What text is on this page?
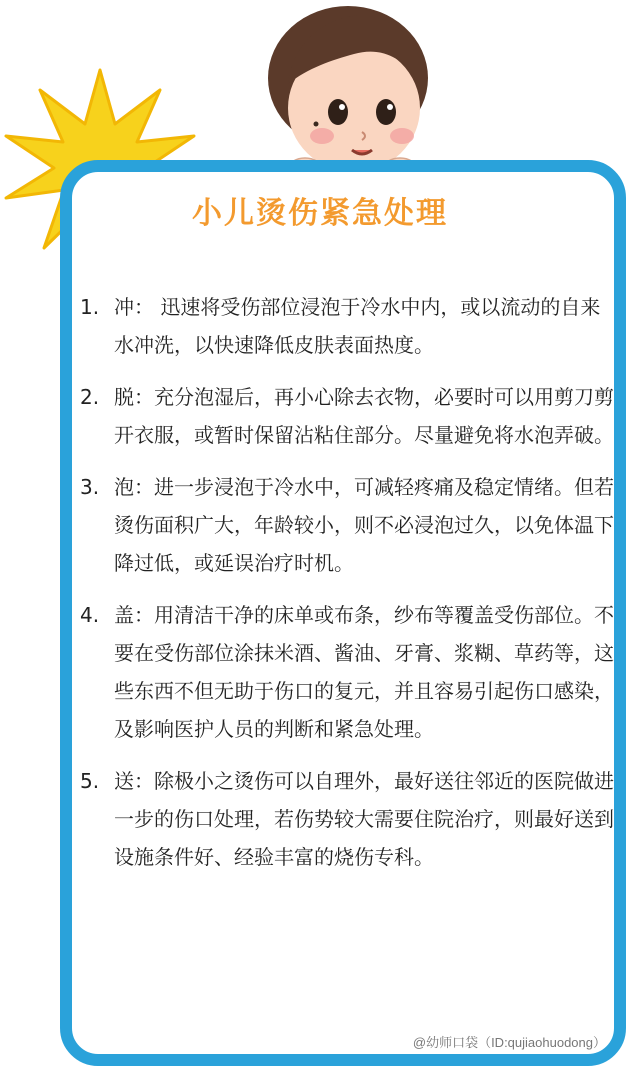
小儿烫伤紧急处理
1. 冲： 迅速将受伤部位浸泡于冷水中内，或以流动的自来水冲洗，以快速降低皮肤表面热度。
2. 脱：充分泡湿后，再小心除去衣物，必要时可以用剪刀剪开衣服，或暂时保留沾粘住部分。尽量避免将水泡弄破。
3. 泡：进一步浸泡于冷水中，可减轻疼痛及稳定情绪。但若烫伤面积广大，年龄较小，则不必浸泡过久，以免体温下降过低，或延误治疗时机。
4. 盖：用清洁干净的床单或布条，纱布等覆盖受伤部位。不要在受伤部位涂抹米酒、酱油、牙膏、浆糊、草药等，这些东西不但无助于伤口的复元，并且容易引起伤口感染，及影响医护人员的判断和紧急处理。
5. 送：除极小之烫伤可以自理外，最好送往邻近的医院做进一步的伤口处理，若伤势较大需要住院治疗，则最好送到设施条件好、经验丰富的烧伤专科。
@幼师口袋（ID:qujiaohuodong）
